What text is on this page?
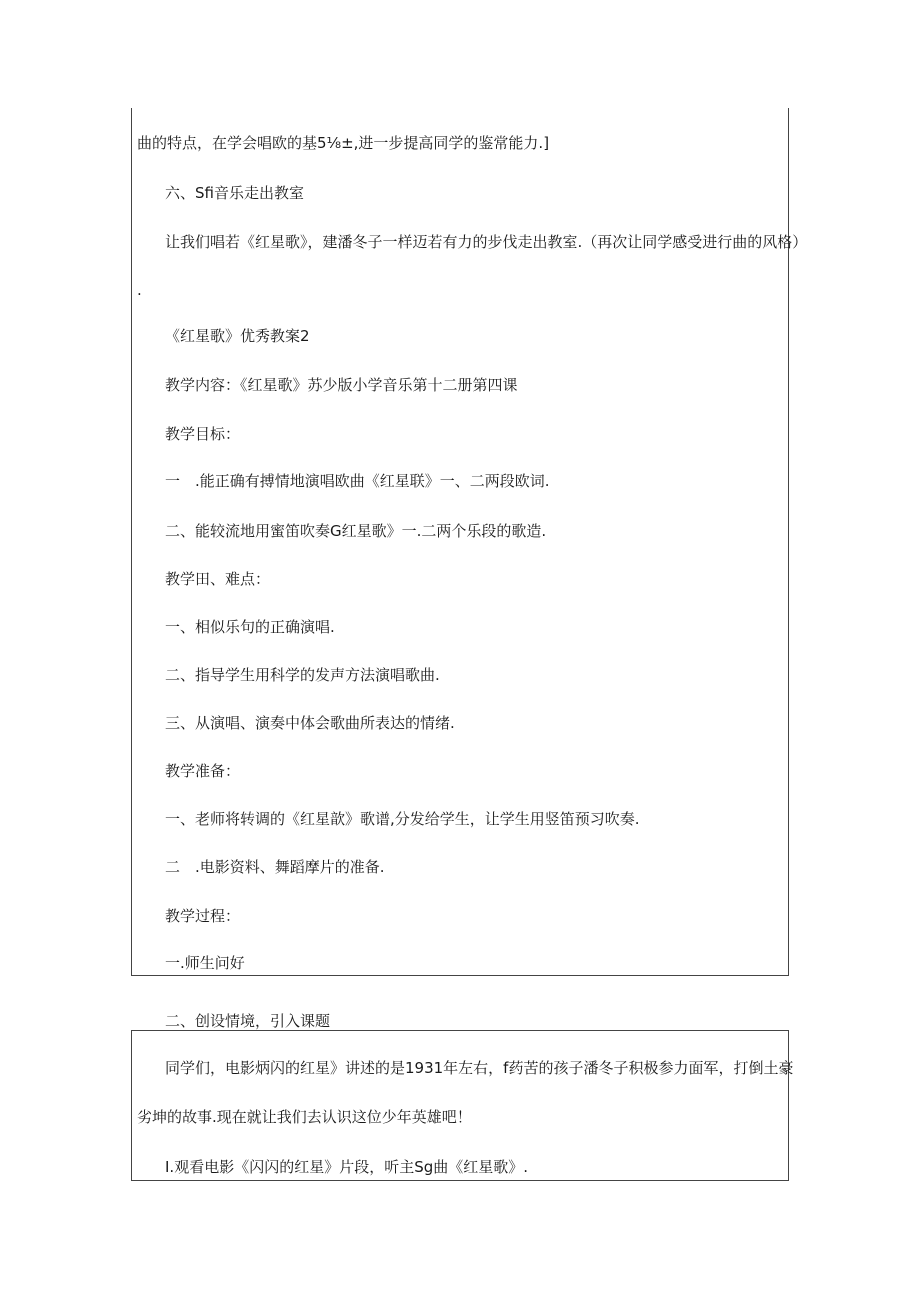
曲的特点，在学会唱欧的基5⅛±,进一步提高同学的鉴常能力.]
六、Sfi音乐走出教室
让我们唱若《红星歌》，建潘冬子一样迈若有力的步伐走出教室.（再次让同学感受进行曲的风格）
.
《红星歌》优秀教案2
教学内容：《红星歌》苏少版小学音乐第十二册第四课
教学目标：
一　.能正确有搏情地演唱欧曲《红星联》一、二两段欧词.
二、能较流地用蜜笛吹奏G红星歌》一.二两个乐段的歌造.
教学田、难点：
一、相似乐句的正确演唱.
二、指导学生用科学的发声方法演唱歌曲.
三、从演唱、演奏中体会歌曲所表达的情绪.
教学准备：
一、老师将转调的《红星歆》歌谱,分发给学生，让学生用竖笛预习吹奏.
二　.电影资料、舞蹈摩片的准备.
教学过程：
一.师生问好
二、创设情境，引入课题
同学们，电影炳闪的红星》讲述的是1931年左右，f药苦的孩子潘冬子积极参力面军，打倒土豪
劣坤的故事.现在就让我们去认识这位少年英雄吧！
I.观看电影《闪闪的红星》片段，听主Sg曲《红星歌》.
